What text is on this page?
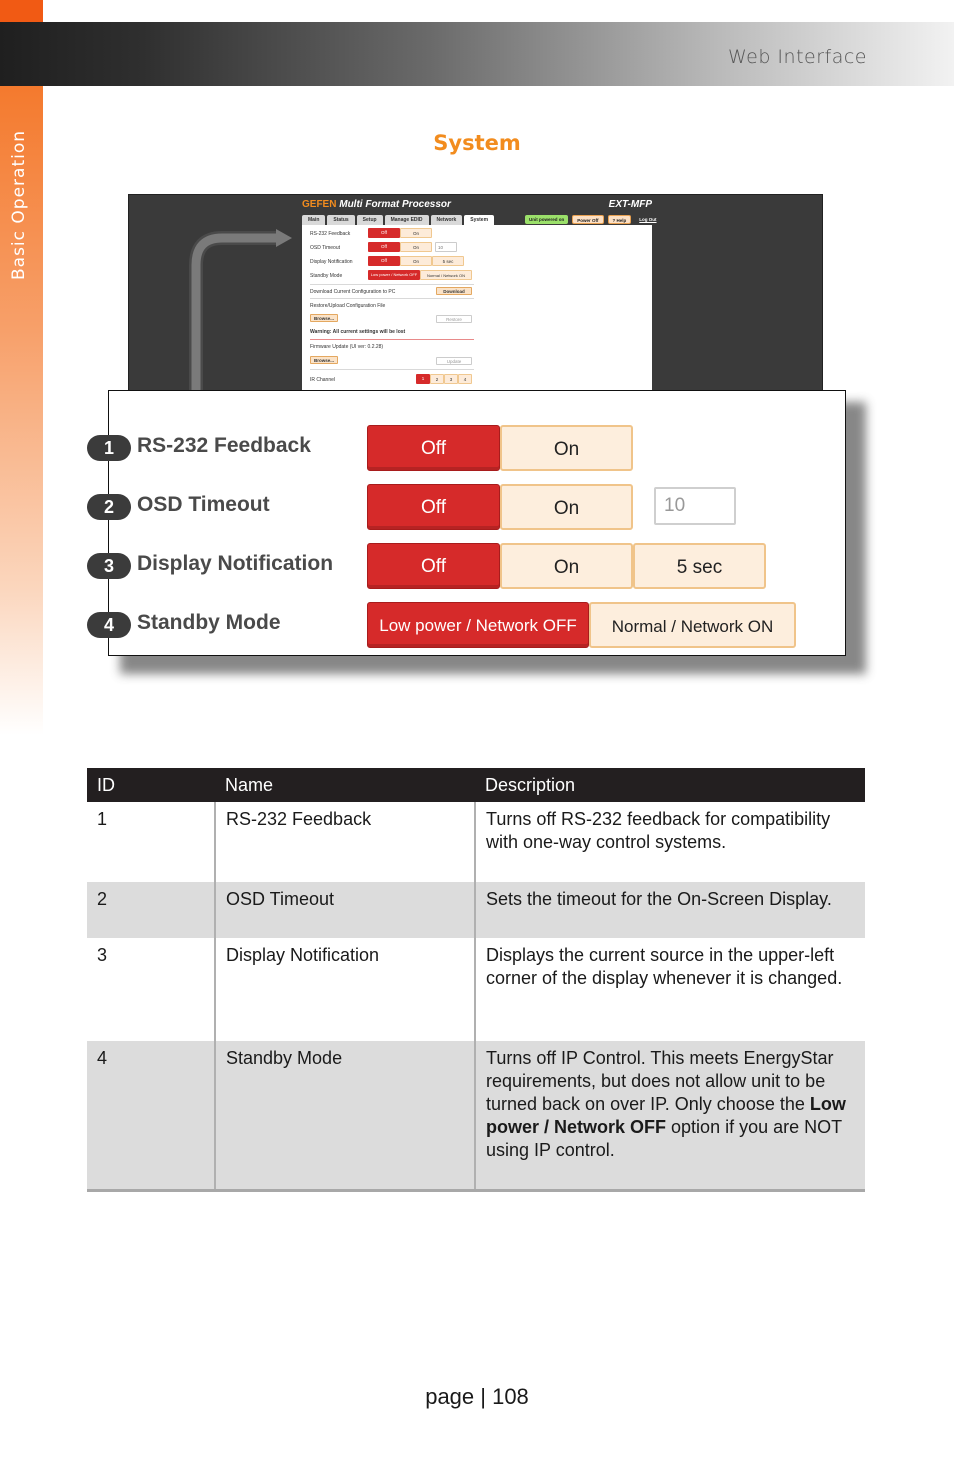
Basic Operation
Web Interface
System
GEFEN Multi Format Processor	EXT-MFP
Main	Status	Setup	Manage EDID	Network	System	Unit powered on	Power Off	? Help	Log Out
RS-232 Feedback	Off	On
OSD Timeout	Off	On	10
Display Notification	Off	On	5 sec
Standby Mode	Low power / Network OFF	Normal / Network ON
Download Current Configuration to PC	Download
Restore/Upload Configuration File
Browse...	Restore
Warning: All current settings will be lost
Firmware Update (UI ver: 0.2.28)
Browse...	Update
IR Channel	1	2	3	4
1	RS-232 Feedback	Off	On
2	OSD Timeout	Off	On	10
3	Display Notification	Off	On	5 sec
4	Standby Mode	Low power / Network OFF	Normal / Network ON
ID	Name	Description
1	RS-232 Feedback	Turns off RS-232 feedback for compatibility with one-way control systems.
2	OSD Timeout	Sets the timeout for the On-Screen Display.
3	Display Notification	Displays the current source in the upper-left corner of the display whenever it is changed.
4	Standby Mode	Turns off IP Control. This meets EnergyStar requirements, but does not allow unit to be turned back on over IP. Only choose the Low power / Network OFF option if you are NOT using IP control.
page | 108
